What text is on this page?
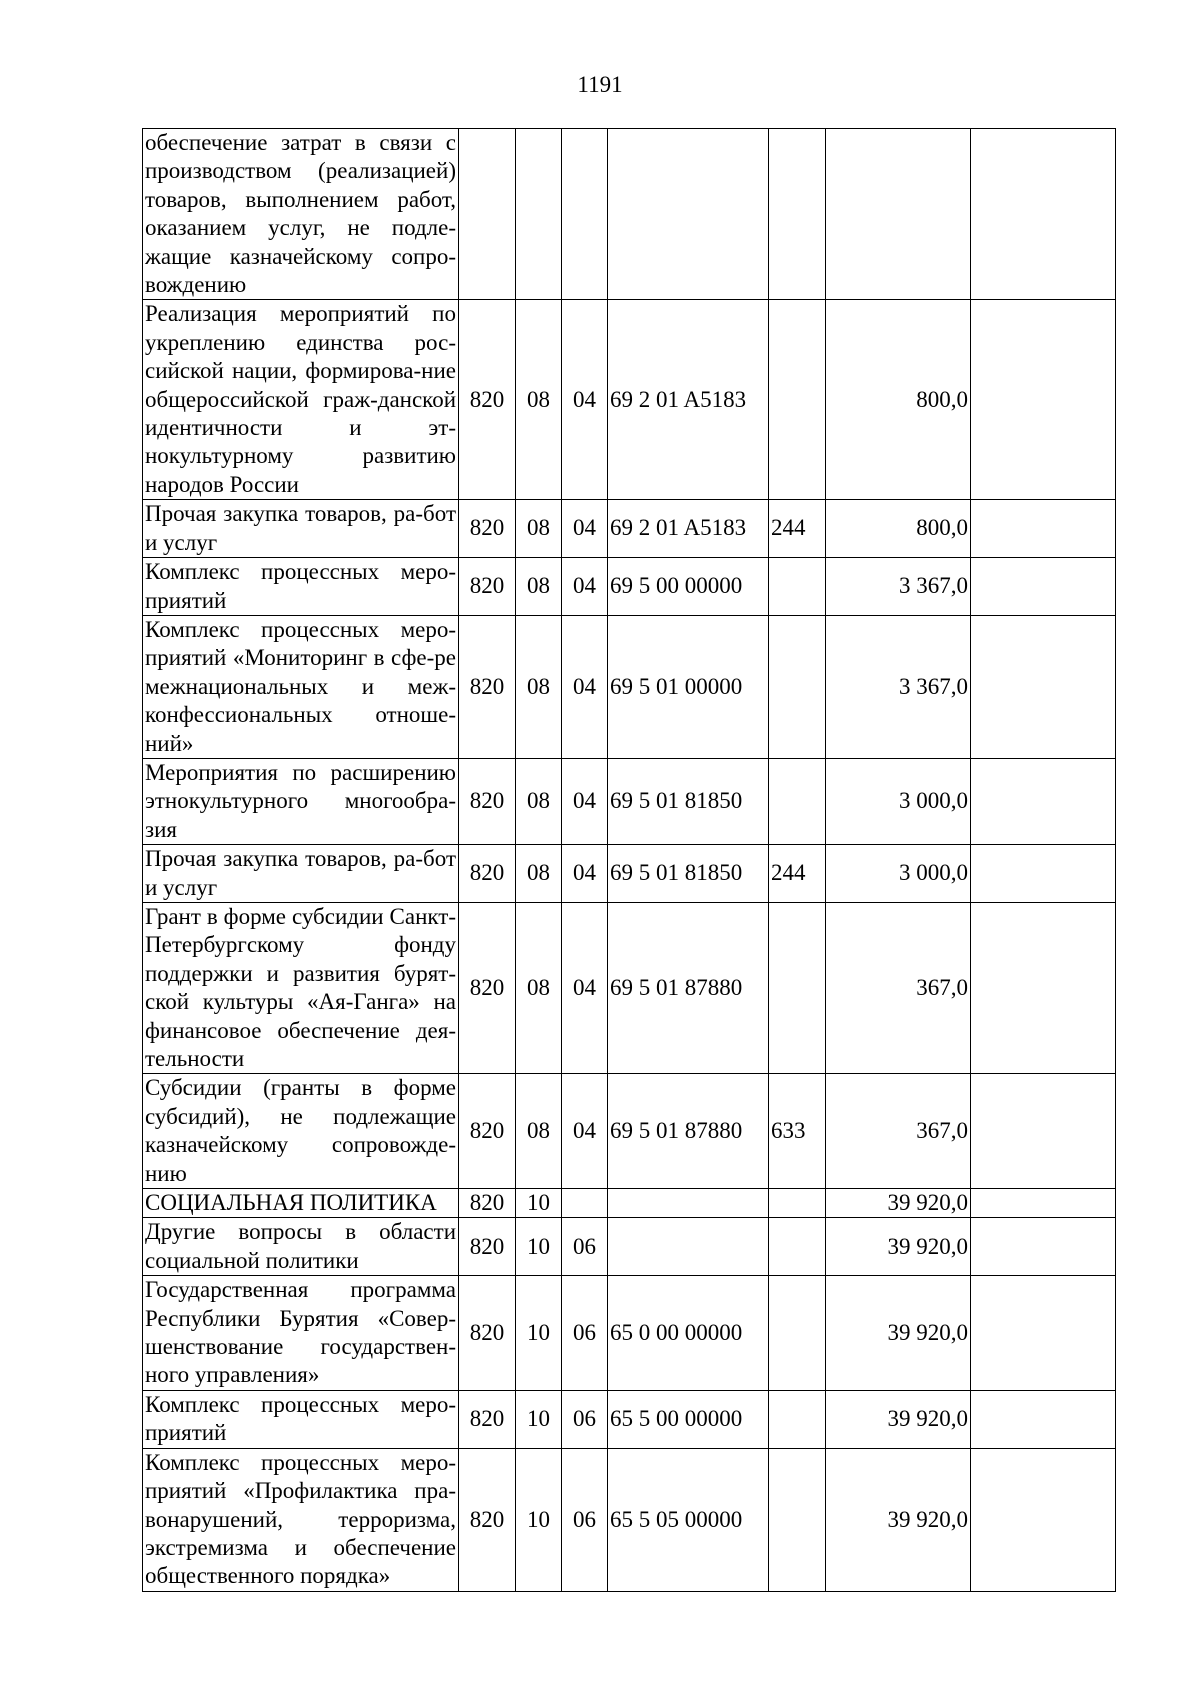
1191
обеспечение затрат в связи с производством (реализацией) товаров, выполнением работ, оказанием услуг, не подле-жащие казначейскому сопро-вождению							
Реализация мероприятий по укреплению единства рос-сийской нации, формирова-ние общероссийской граж-данской идентичности и эт-нокультурному развитию народов России	820	08	04	69 2 01 A5183		800,0	
Прочая закупка товаров, ра-бот и услуг	820	08	04	69 2 01 A5183	244	800,0	
Комплекс процессных меро-приятий	820	08	04	69 5 00 00000		3 367,0	
Комплекс процессных меро-приятий «Мониторинг в сфе-ре межнациональных и меж-конфессиональных отноше-ний»	820	08	04	69 5 01 00000		3 367,0	
Мероприятия по расширению этнокультурного многообра-зия	820	08	04	69 5 01 81850		3 000,0	
Прочая закупка товаров, ра-бот и услуг	820	08	04	69 5 01 81850	244	3 000,0	
Грант в форме субсидии Санкт-Петербургскому фонду поддержки и развития бурят-ской культуры «Ая-Ганга» на финансовое обеспечение дея-тельности	820	08	04	69 5 01 87880		367,0	
Субсидии (гранты в форме субсидий), не подлежащие казначейскому сопровожде-нию	820	08	04	69 5 01 87880	633	367,0	
СОЦИАЛЬНАЯ ПОЛИТИКА	820	10				39 920,0	
Другие вопросы в области социальной политики	820	10	06			39 920,0	
Государственная программа Республики Бурятия «Совер-шенствование государствен-ного управления»	820	10	06	65 0 00 00000		39 920,0	
Комплекс процессных меро-приятий	820	10	06	65 5 00 00000		39 920,0	
Комплекс процессных меро-приятий «Профилактика пра-вонарушений, терроризма, экстремизма и обеспечение общественного порядка»	820	10	06	65 5 05 00000		39 920,0	
